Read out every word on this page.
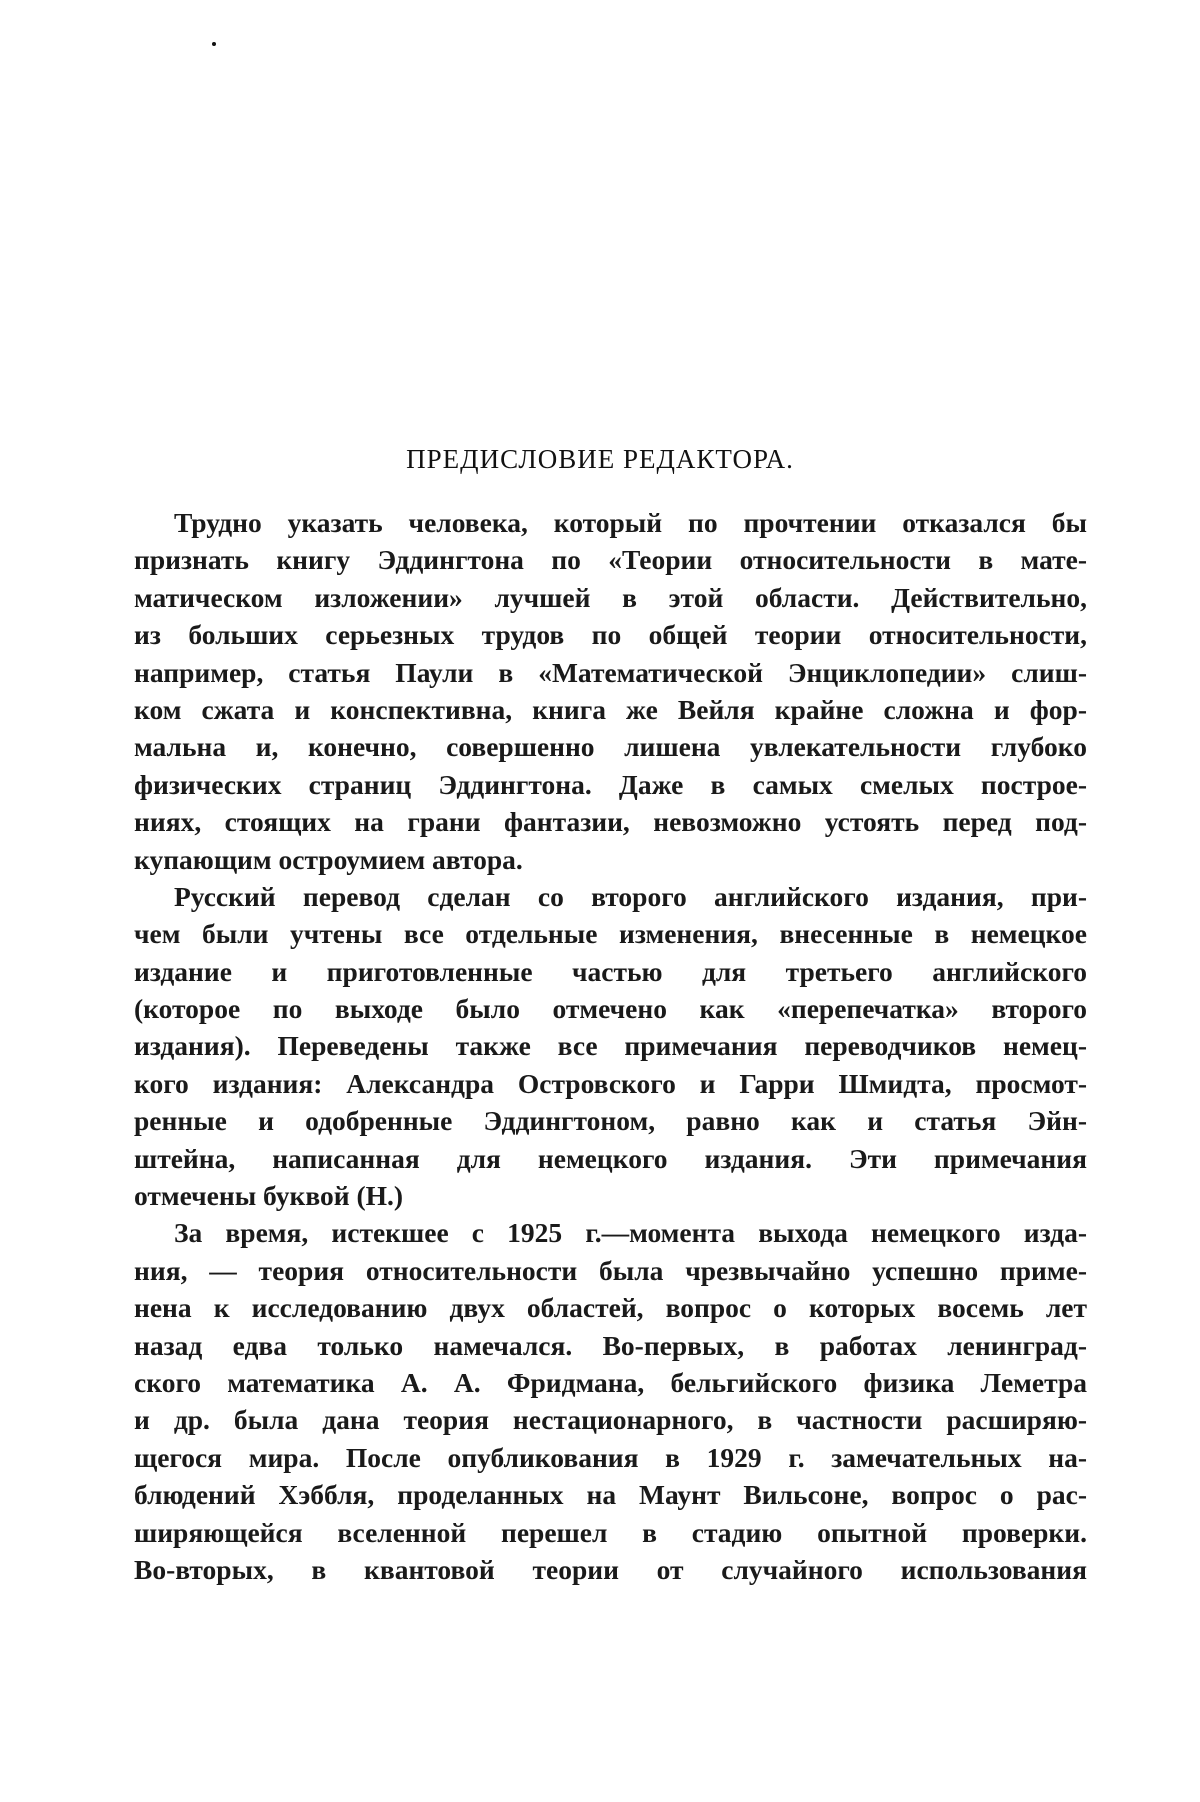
ПРЕДИСЛОВИЕ РЕДАКТОРА.
Трудно указать человека, который по прочтении отказался бы
признать книгу Эддингтона по «Теории относительности в мате-
матическом изложении» лучшей в этой области. Действительно,
из больших серьезных трудов по общей теории относительности,
например, статья Паули в «Математической Энциклопедии» слиш-
ком сжата и конспективна, книга же Вейля крайне сложна и фор-
мальна и, конечно, совершенно лишена увлекательности глубоко
физических страниц Эддингтона. Даже в самых смелых построе-
ниях, стоящих на грани фантазии, невозможно устоять перед под-
купающим остроумием автора.
Русский перевод сделан со второго английского издания, при-
чем были учтены все отдельные изменения, внесенные в немецкое
издание и приготовленные частью для третьего английского
(которое по выходе было отмечено как «перепечатка» второго
издания). Переведены также все примечания переводчиков немец-
кого издания: Александра Островского и Гарри Шмидта, просмот-
ренные и одобренные Эддингтоном, равно как и статья Эйн-
штейна, написанная для немецкого издания. Эти примечания
отмечены буквой (Н.)
За время, истекшее с 1925 г.—момента выхода немецкого изда-
ния, — теория относительности была чрезвычайно успешно приме-
нена к исследованию двух областей, вопрос о которых восемь лет
назад едва только намечался. Во-первых, в работах ленинград-
ского математика А. А. Фридмана, бельгийского физика Леметра
и др. была дана теория нестационарного, в частности расширяю-
щегося мира. После опубликования в 1929 г. замечательных на-
блюдений Хэббля, проделанных на Маунт Вильсоне, вопрос о рас-
ширяющейся вселенной перешел в стадию опытной проверки.
Во-вторых, в квантовой теории от случайного использования
